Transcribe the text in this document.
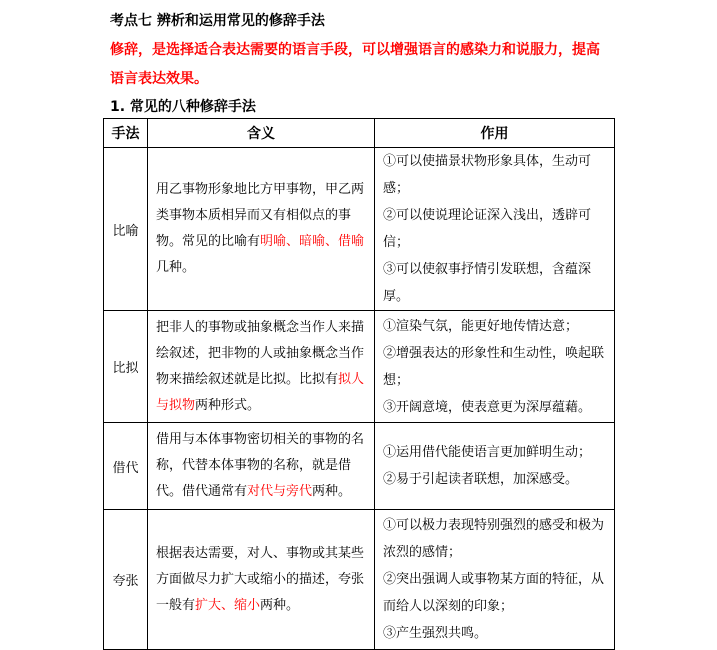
考点七 辨析和运用常见的修辞手法
修辞，是选择适合表达需要的语言手段，可以增强语言的感染力和说服力，提高语言表达效果。
1. 常见的八种修辞手法
手法	含义	作用
比喻	用乙事物形象地比方甲事物，甲乙两类事物本质相异而又有相似点的事物。常见的比喻有明喻、暗喻、借喻几种。	①可以使描景状物形象具体，生动可感；
②可以使说理论证深入浅出，透辟可信；
③可以使叙事抒情引发联想，含蕴深厚。

比拟	把非人的事物或抽象概念当作人来描绘叙述，把非物的人或抽象概念当作物来描绘叙述就是比拟。比拟有拟人与拟物两种形式。	①渲染气氛，能更好地传情达意；
②增强表达的形象性和生动性，唤起联想；
③开阔意境，使表意更为深厚蕴藉。

借代	借用与本体事物密切相关的事物的名称，代替本体事物的名称，就是借代。借代通常有对代与旁代两种。	①运用借代能使语言更加鲜明生动；
②易于引起读者联想，加深感受。

夸张	根据表达需要，对人、事物或其某些方面做尽力扩大或缩小的描述，夸张一般有扩大、缩小两种。	①可以极力表现特别强烈的感受和极为浓烈的感情；
②突出强调人或事物某方面的特征，从而给人以深刻的印象；
③产生强烈共鸣。
